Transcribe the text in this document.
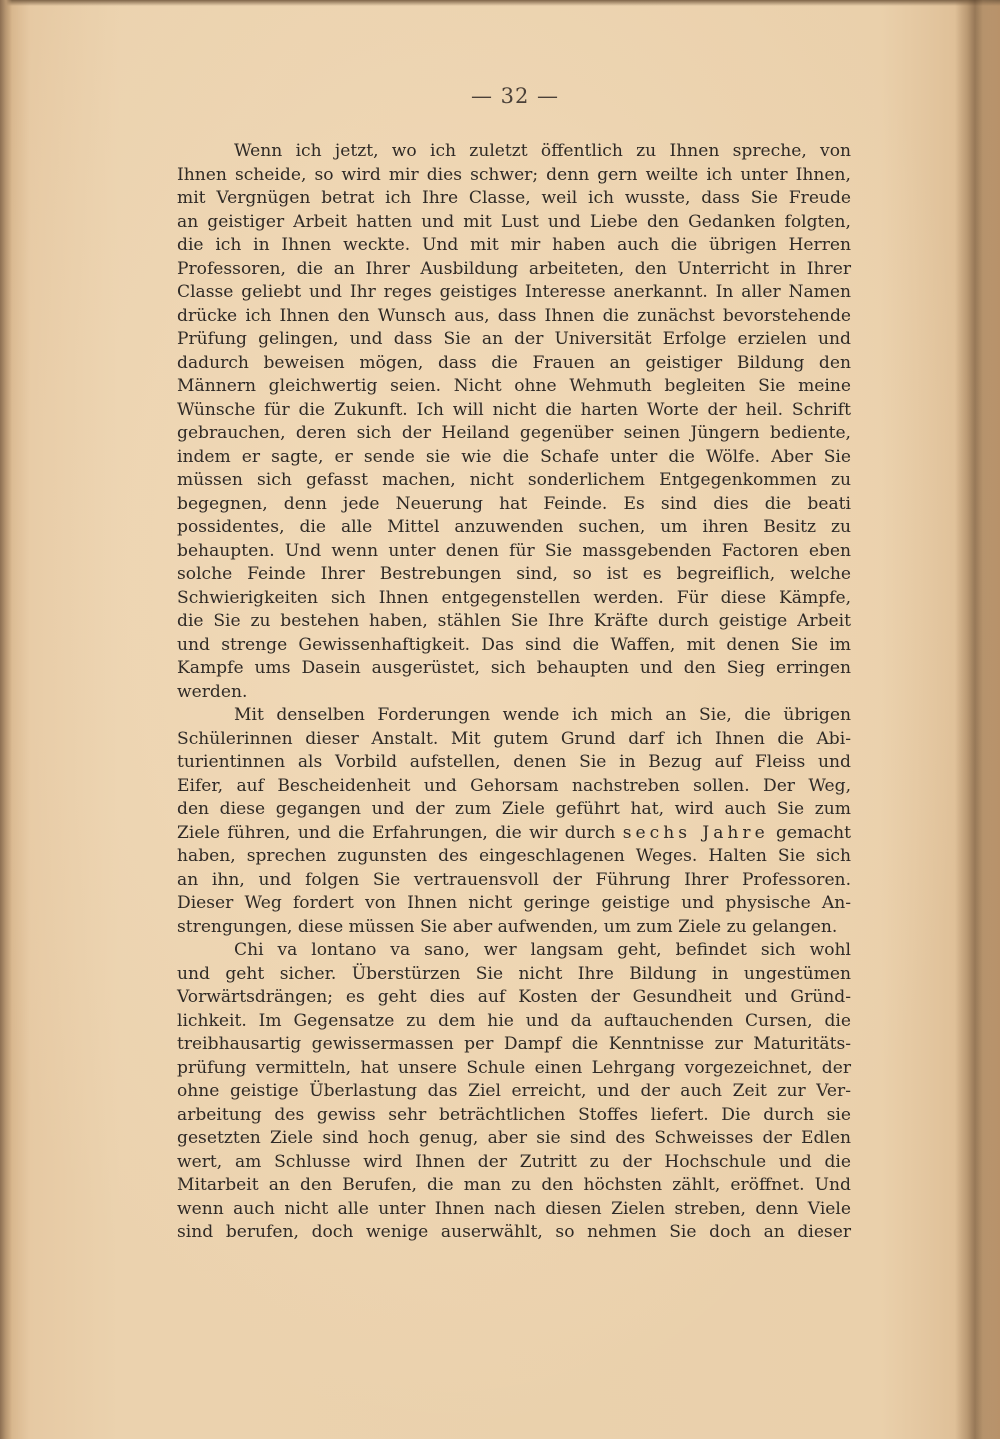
— 32 —
Wenn ich jetzt, wo ich zuletzt öffentlich zu Ihnen spreche, von
Ihnen scheide, so wird mir dies schwer; denn gern weilte ich unter Ihnen,
mit Vergnügen betrat ich Ihre Classe, weil ich wusste, dass Sie Freude
an geistiger Arbeit hatten und mit Lust und Liebe den Gedanken folgten,
die ich in Ihnen weckte. Und mit mir haben auch die übrigen Herren
Professoren, die an Ihrer Ausbildung arbeiteten, den Unterricht in Ihrer
Classe geliebt und Ihr reges geistiges Interesse anerkannt. In aller Namen
drücke ich Ihnen den Wunsch aus, dass Ihnen die zunächst bevorstehende
Prüfung gelingen, und dass Sie an der Universität Erfolge erzielen und
dadurch beweisen mögen, dass die Frauen an geistiger Bildung den
Männern gleichwertig seien. Nicht ohne Wehmuth begleiten Sie meine
Wünsche für die Zukunft. Ich will nicht die harten Worte der heil. Schrift
gebrauchen, deren sich der Heiland gegenüber seinen Jüngern bediente,
indem er sagte, er sende sie wie die Schafe unter die Wölfe. Aber Sie
müssen sich gefasst machen, nicht sonderlichem Entgegenkommen zu
begegnen, denn jede Neuerung hat Feinde. Es sind dies die beati
possidentes, die alle Mittel anzuwenden suchen, um ihren Besitz zu
behaupten. Und wenn unter denen für Sie massgebenden Factoren eben
solche Feinde Ihrer Bestrebungen sind, so ist es begreiflich, welche
Schwierigkeiten sich Ihnen entgegenstellen werden. Für diese Kämpfe,
die Sie zu bestehen haben, stählen Sie Ihre Kräfte durch geistige Arbeit
und strenge Gewissenhaftigkeit. Das sind die Waffen, mit denen Sie im
Kampfe ums Dasein ausgerüstet, sich behaupten und den Sieg erringen
werden.
Mit denselben Forderungen wende ich mich an Sie, die übrigen
Schülerinnen dieser Anstalt. Mit gutem Grund darf ich Ihnen die Abi-
turientinnen als Vorbild aufstellen, denen Sie in Bezug auf Fleiss und
Eifer, auf Bescheidenheit und Gehorsam nachstreben sollen. Der Weg,
den diese gegangen und der zum Ziele geführt hat, wird auch Sie zum
Ziele führen, und die Erfahrungen, die wir durch sechs Jahre gemacht
haben, sprechen zugunsten des eingeschlagenen Weges. Halten Sie sich
an ihn, und folgen Sie vertrauensvoll der Führung Ihrer Professoren.
Dieser Weg fordert von Ihnen nicht geringe geistige und physische An-
strengungen, diese müssen Sie aber aufwenden, um zum Ziele zu gelangen.
Chi va lontano va sano, wer langsam geht, befindet sich wohl
und geht sicher. Überstürzen Sie nicht Ihre Bildung in ungestümen
Vorwärtsdrängen; es geht dies auf Kosten der Gesundheit und Gründ-
lichkeit. Im Gegensatze zu dem hie und da auftauchenden Cursen, die
treibhausartig gewissermassen per Dampf die Kenntnisse zur Maturitäts-
prüfung vermitteln, hat unsere Schule einen Lehrgang vorgezeichnet, der
ohne geistige Überlastung das Ziel erreicht, und der auch Zeit zur Ver-
arbeitung des gewiss sehr beträchtlichen Stoffes liefert. Die durch sie
gesetzten Ziele sind hoch genug, aber sie sind des Schweisses der Edlen
wert, am Schlusse wird Ihnen der Zutritt zu der Hochschule und die
Mitarbeit an den Berufen, die man zu den höchsten zählt, eröffnet. Und
wenn auch nicht alle unter Ihnen nach diesen Zielen streben, denn Viele
sind berufen, doch wenige auserwählt, so nehmen Sie doch an dieser
